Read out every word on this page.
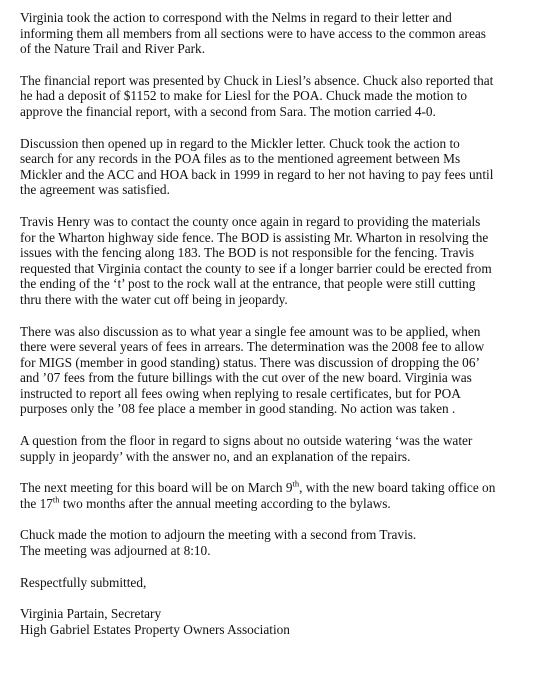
Virginia took the action to correspond with the Nelms in regard to their letter and
informing them all members from all sections were to have access to the common areas
of the Nature Trail and River Park.
The financial report was presented by Chuck in Liesl’s absence. Chuck also reported that
he had a deposit of $1152 to make for Liesl for the POA. Chuck made the motion to
approve the financial report, with a second from Sara. The motion carried 4-0.
Discussion then opened up in regard to the Mickler letter. Chuck took the action to
search for any records in the POA files as to the mentioned agreement between Ms
Mickler and the ACC and HOA back in 1999 in regard to her not having to pay fees until
the agreement was satisfied.
Travis Henry was to contact the county once again in regard to providing the materials
for the Wharton highway side fence. The BOD is assisting Mr. Wharton in resolving the
issues with the fencing along 183. The BOD is not responsible for the fencing. Travis
requested that Virginia contact the county to see if a longer barrier could be erected from
the ending of the ‘t’ post to the rock wall at the entrance, that people were still cutting
thru there with the water cut off being in jeopardy.
There was also discussion as to what year a single fee amount was to be applied, when
there were several years of fees in arrears. The determination was the 2008 fee to allow
for MIGS (member in good standing) status. There was discussion of dropping the 06’
and ’07 fees from the future billings with the cut over of the new board. Virginia was
instructed to report all fees owing when replying to resale certificates, but for POA
purposes only the ’08 fee place a member in good standing. No action was taken .
A question from the floor in regard to signs about no outside watering ‘was the water
supply in jeopardy’ with the answer no, and an explanation of the repairs.
The next meeting for this board will be on March 9th, with the new board taking office on
the 17th two months after the annual meeting according to the bylaws.
Chuck made the motion to adjourn the meeting with a second from Travis.
The meeting was adjourned at 8:10.
Respectfully submitted,
Virginia Partain, Secretary
High Gabriel Estates Property Owners Association
